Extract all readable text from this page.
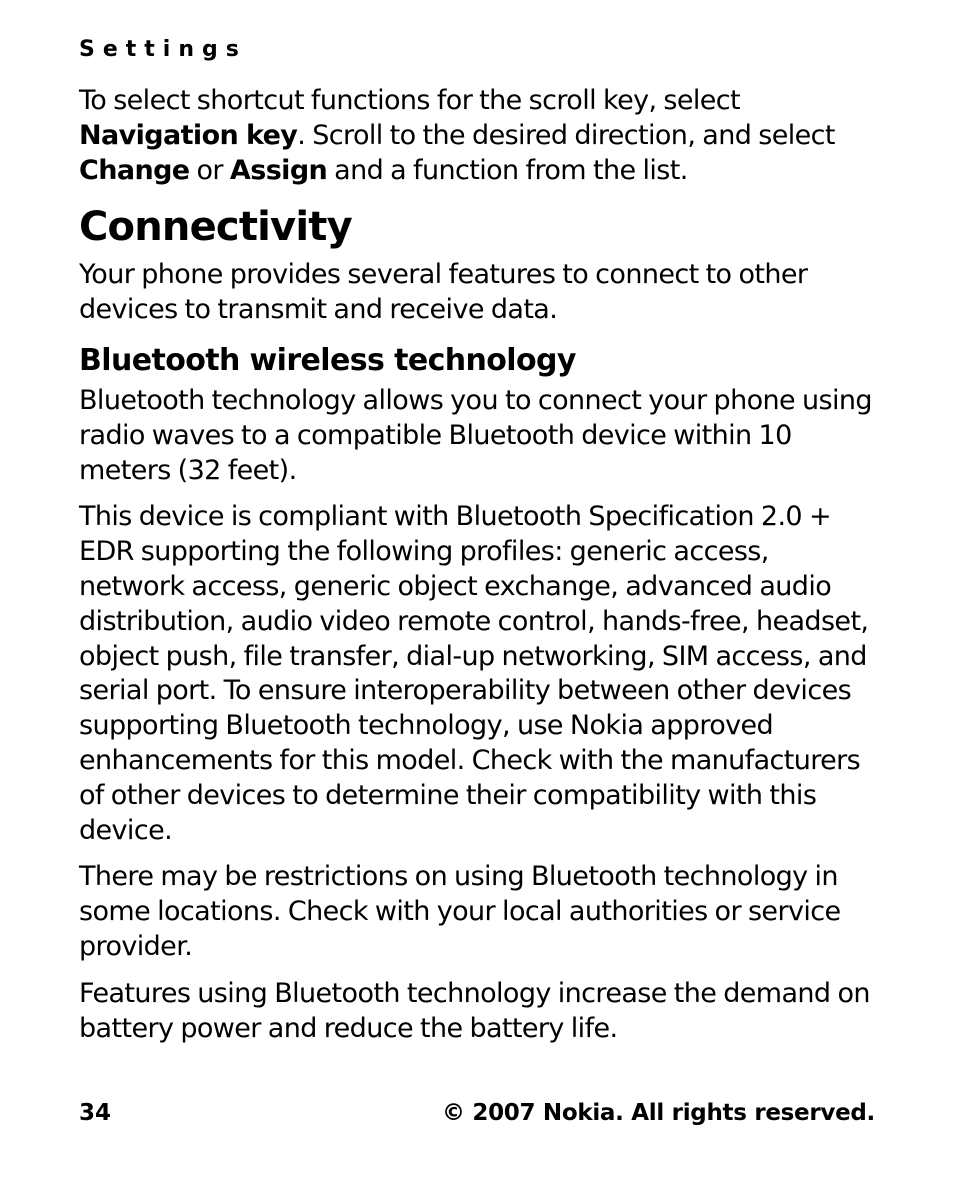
Settings

To select shortcut functions for the scroll key, select Navigation key. Scroll to the desired direction, and select Change or Assign and a function from the list.

Connectivity

Your phone provides several features to connect to other devices to transmit and receive data.

Bluetooth wireless technology

Bluetooth technology allows you to connect your phone using radio waves to a compatible Bluetooth device within 10 meters (32 feet).

This device is compliant with Bluetooth Specification 2.0 + EDR supporting the following profiles: generic access, network access, generic object exchange, advanced audio distribution, audio video remote control, hands-free, headset, object push, file transfer, dial-up networking, SIM access, and serial port. To ensure interoperability between other devices supporting Bluetooth technology, use Nokia approved enhancements for this model. Check with the manufacturers of other devices to determine their compatibility with this device.

There may be restrictions on using Bluetooth technology in some locations. Check with your local authorities or service provider.

Features using Bluetooth technology increase the demand on battery power and reduce the battery life.

34	© 2007 Nokia. All rights reserved.
